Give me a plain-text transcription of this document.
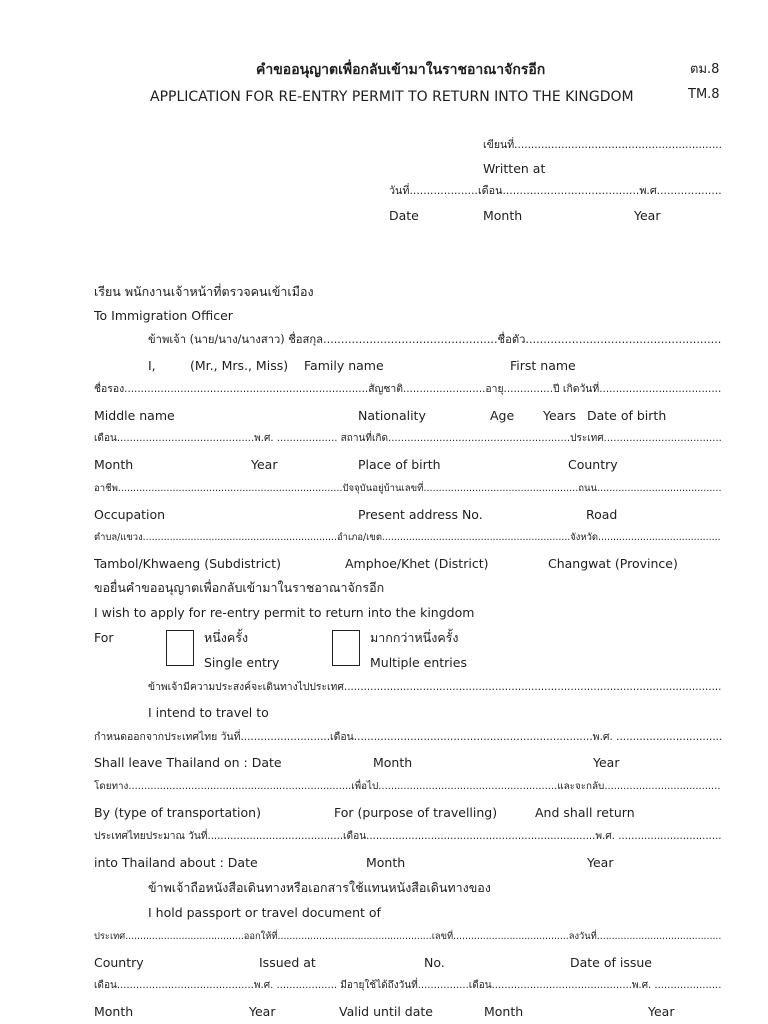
คำขออนุญาตเพื่อกลับเข้ามาในราชอาณาจักรอีก	ตม.8
APPLICATION FOR RE-ENTRY PERMIT TO RETURN INTO THE KINGDOM	TM.8
เขียนที่..............................................................
Written at
วันที่....................เดือน........................................พ.ศ...................
Date	Month	Year
เรียน พนักงานเจ้าหน้าที่ตรวจคนเข้าเมือง
To Immigration Officer
ข้าพเจ้า (นาย/นาง/นางสาว) ชื่อสกุล.................................................ชื่อตัว.......................................................
I,	(Mr., Mrs., Miss) Family name	First name
ชื่อรอง..........................................................................สัญชาติ.........................อายุ...............ปี เกิดวันที่.....................................
Middle name	Nationality	Age Years Date of birth
เดือน...........................................พ.ศ. ................... สถานที่เกิด.........................................................ประเทศ.....................................
Month	Year	Place of birth	Country
อาชีพ..........................................................................ปัจจุบันอยู่บ้านเลขที่...................................................ถนน.........................................
Occupation	Present address No.	Road
ตำบล/แขวง.................................................................อำเภอ/เขต...............................................................จังหวัด.........................................
Tambol/Khwaeng (Subdistrict)	Amphoe/Khet (District)	Changwat (Province)
ขอยื่นคำขออนุญาตเพื่อกลับเข้ามาในราชอาณาจักรอีก
I wish to apply for re-entry permit to return into the kingdom
For	หนึ่งครั้ง
Single entry
มากกว่าหนึ่งครั้ง
Multiple entries
ข้าพเจ้ามีความประสงค์จะเดินทางไปประเทศ...................................................................................................................
I intend to travel to
กำหนดออกจากประเทศไทย วันที่...........................เดือน........................................................................พ.ศ. ................................
Shall leave Thailand on : Date	Month	Year
โดยทาง.......................................................................เพื่อไป.........................................................และจะกลับ.....................................
By (type of transportation)	For (purpose of travelling)	And shall return
ประเทศไทยประมาณ วันที่..........................................เดือน.......................................................................พ.ศ. ................................
into Thailand about : Date	Month	Year
ข้าพเจ้าถือหนังสือเดินทางหรือเอกสารใช้แทนหนังสือเดินทางของ
I hold passport or travel document of
ประเทศ........................................ออกให้ที่....................................................เลขที่.......................................ลงวันที่..........................................
Country	Issued at	No.	Date of issue
เดือน...........................................พ.ศ. ................... มีอายุใช้ได้ถึงวันที่................เดือน............................................พ.ศ. .....................
Month	Year	Valid until date	Month	Year
